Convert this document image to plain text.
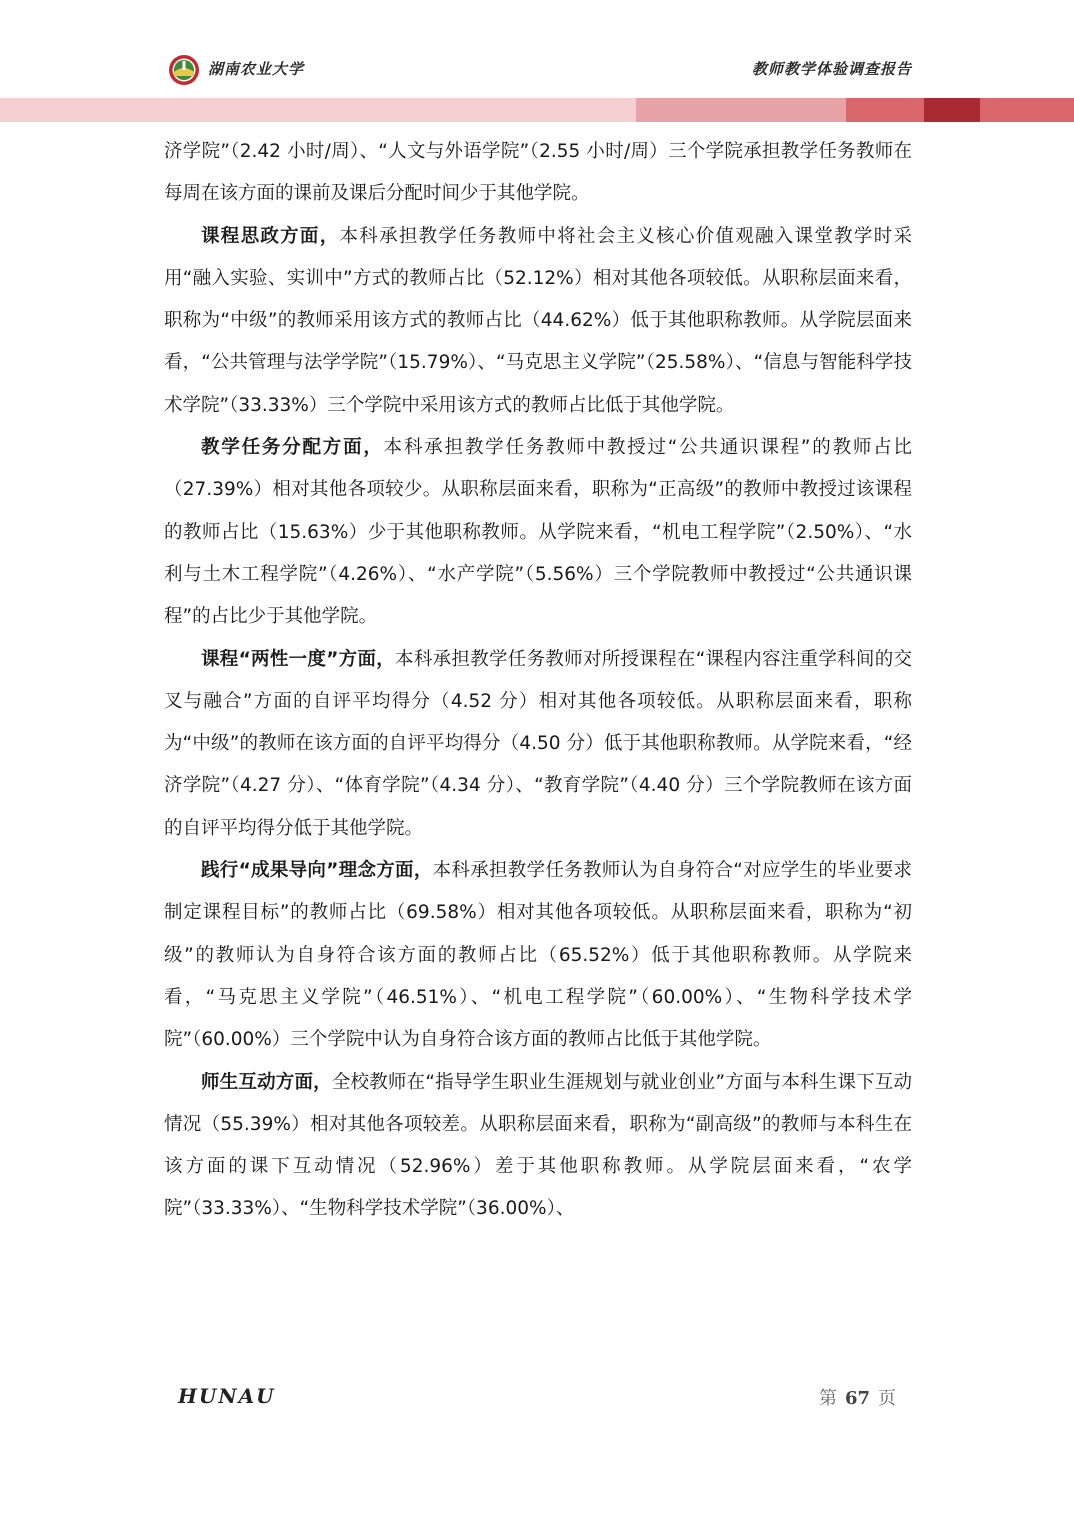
湖南农业大学	教师教学体验调查报告

济学院”（2.42 小时/周）、“人文与外语学院”（2.55 小时/周）三个学院承担教学任务教师在每周在该方面的课前及课后分配时间少于其他学院。

课程思政方面，本科承担教学任务教师中将社会主义核心价值观融入课堂教学时采用“融入实验、实训中”方式的教师占比（52.12%）相对其他各项较低。从职称层面来看，职称为“中级”的教师采用该方式的教师占比（44.62%）低于其他职称教师。从学院层面来看，“公共管理与法学学院”（15.79%）、“马克思主义学院”（25.58%）、“信息与智能科学技术学院”（33.33%）三个学院中采用该方式的教师占比低于其他学院。

教学任务分配方面，本科承担教学任务教师中教授过“公共通识课程”的教师占比（27.39%）相对其他各项较少。从职称层面来看，职称为“正高级”的教师中教授过该课程的教师占比（15.63%）少于其他职称教师。从学院来看，“机电工程学院”（2.50%）、“水利与土木工程学院”（4.26%）、“水产学院”（5.56%）三个学院教师中教授过“公共通识课程”的占比少于其他学院。

课程“两性一度”方面，本科承担教学任务教师对所授课程在“课程内容注重学科间的交叉与融合”方面的自评平均得分（4.52 分）相对其他各项较低。从职称层面来看，职称为“中级”的教师在该方面的自评平均得分（4.50 分）低于其他职称教师。从学院来看，“经济学院”（4.27 分）、“体育学院”（4.34 分）、“教育学院”（4.40 分）三个学院教师在该方面的自评平均得分低于其他学院。

践行“成果导向”理念方面，本科承担教学任务教师认为自身符合“对应学生的毕业要求制定课程目标”的教师占比（69.58%）相对其他各项较低。从职称层面来看，职称为“初级”的教师认为自身符合该方面的教师占比（65.52%）低于其他职称教师。从学院来看，“马克思主义学院”（46.51%）、“机电工程学院”（60.00%）、“生物科学技术学院”（60.00%）三个学院中认为自身符合该方面的教师占比低于其他学院。

师生互动方面，全校教师在“指导学生职业生涯规划与就业创业”方面与本科生课下互动情况（55.39%）相对其他各项较差。从职称层面来看，职称为“副高级”的教师与本科生在该方面的课下互动情况（52.96%）差于其他职称教师。从学院层面来看，“农学院”（33.33%）、“生物科学技术学院”（36.00%）、

HUNAU	第 67 页
